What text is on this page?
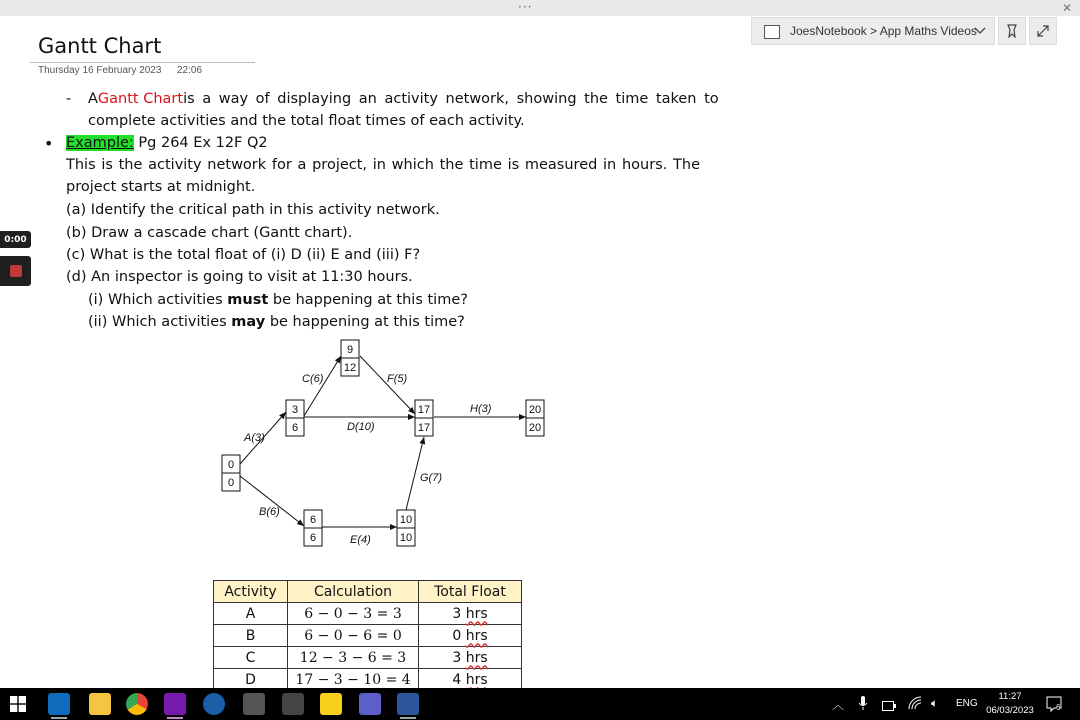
···	✕
JoesNotebook > App Maths Videos
Gantt Chart
Thursday 16 February 2023 22:06
0:00
- A Gantt Chart is a way of displaying an activity network, showing the time taken to
complete activities and the total float times of each activity.
• Example: Pg 264 Ex 12F Q2
This is the activity network for a project, in which the time is measured in hours. The
project starts at midnight.
(a) Identify the critical path in this activity network.
(b) Draw a cascade chart (Gantt chart).
(c) What is the total float of (i) D (ii) E and (iii) F?
(d) An inspector is going to visit at 11:30 hours.
(i) Which activities must be happening at this time?
(ii) Which activities may be happening at this time?
A(3)
B(6)
C(6)
D(10)
E(4)
F(5)
G(7)
H(3)
0
0
3
6
9
12
6
6
17
17
10
10
20
20
Activity	Calculation	Total Float
A	6 − 0 − 3 = 3	3 hrs
B	6 − 0 − 6 = 0	0 hrs
C	12 − 3 − 6 = 3	3 hrs
D	17 − 3 − 10 = 4	4 hrs
︿	🔈︎ ENG
11:27
06/03/2023	6
